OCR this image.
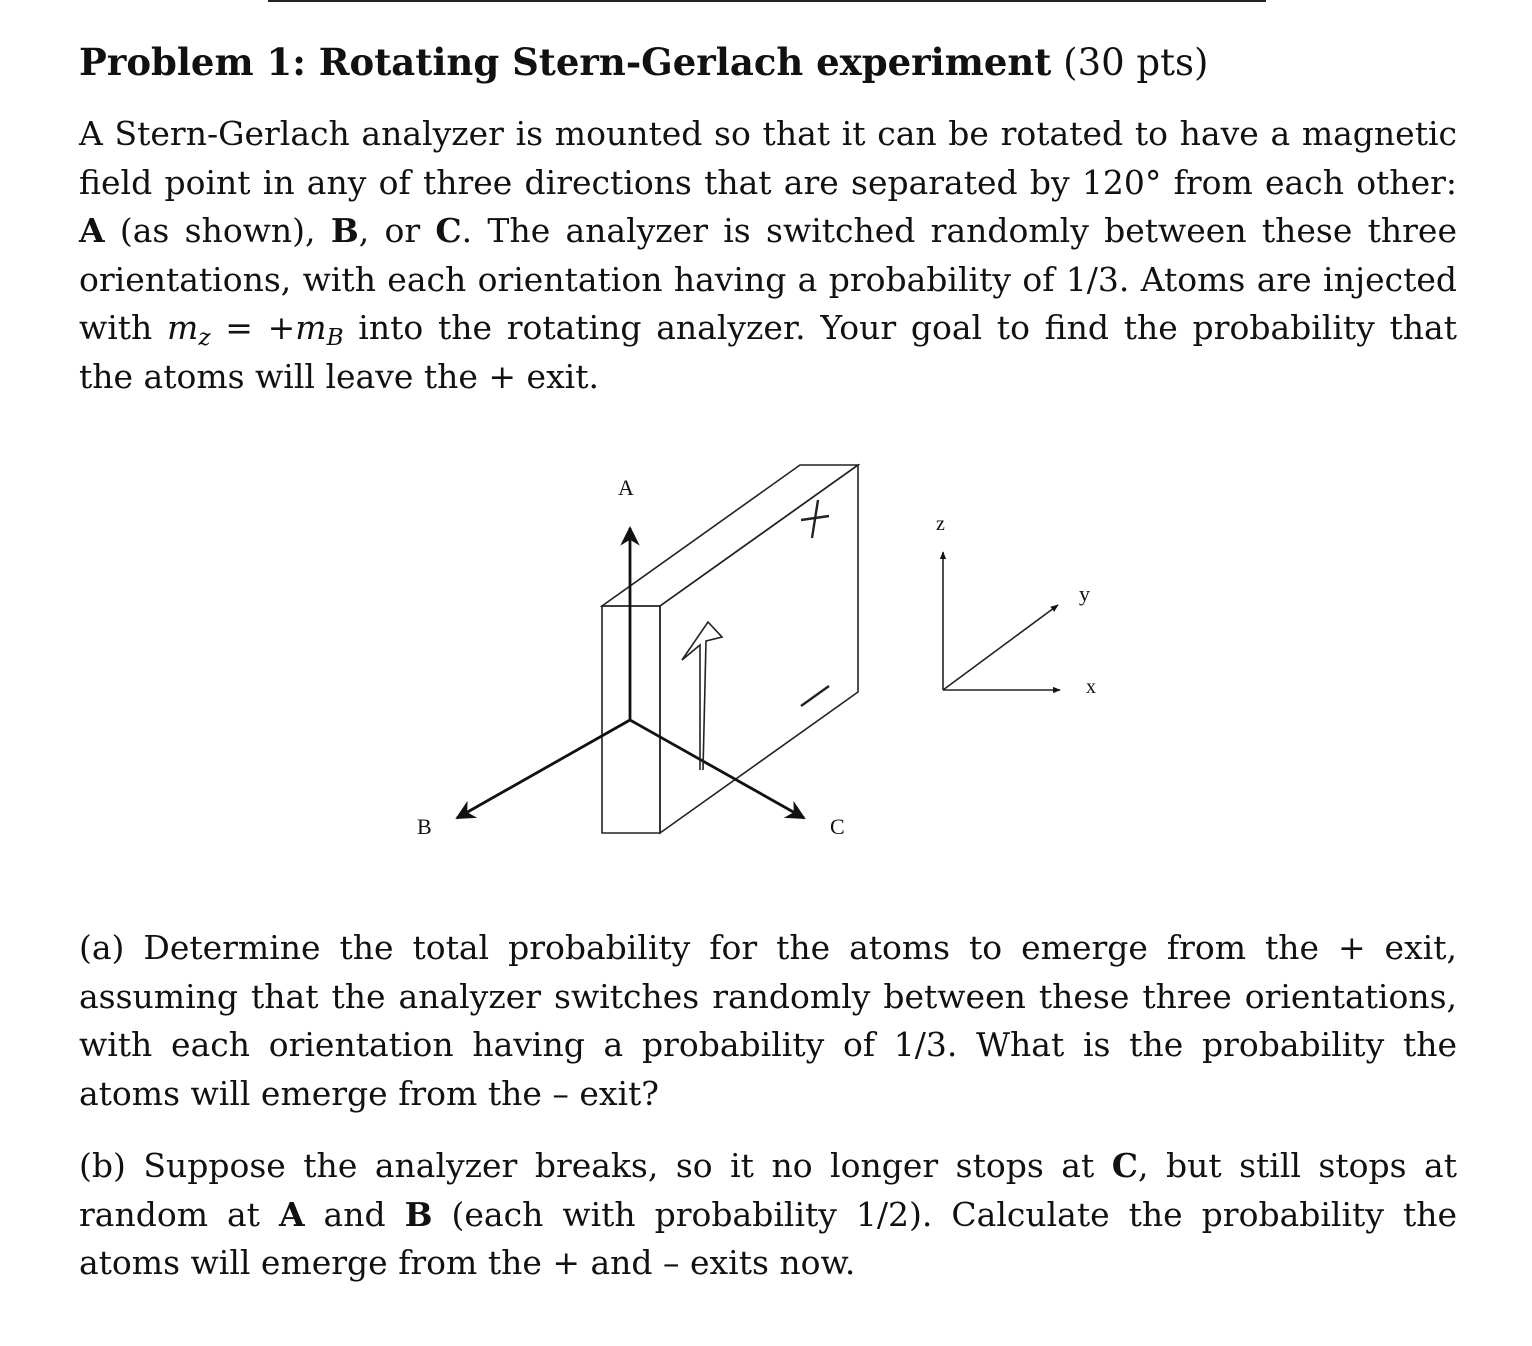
Problem 1: Rotating Stern-Gerlach experiment (30 pts)
A Stern-Gerlach analyzer is mounted so that it can be rotated to have a magnetic field point in any of three directions that are separated by 120° from each other: A (as shown), B, or C. The analyzer is switched randomly between these three orientations, with each orientation having a probability of 1/3. Atoms are injected with $m_z = +m_B$ into the rotating analyzer. Your goal to find the probability that the atoms will leave the + exit.
A
B	C
z
y
x
(a) Determine the total probability for the atoms to emerge from the + exit, assuming that the analyzer switches randomly between these three orientations, with each orientation having a probability of 1/3. What is the probability the atoms will emerge from the – exit?
(b) Suppose the analyzer breaks, so it no longer stops at C, but still stops at random at A and B (each with probability 1/2). Calculate the probability the atoms will emerge from the + and – exits now.
